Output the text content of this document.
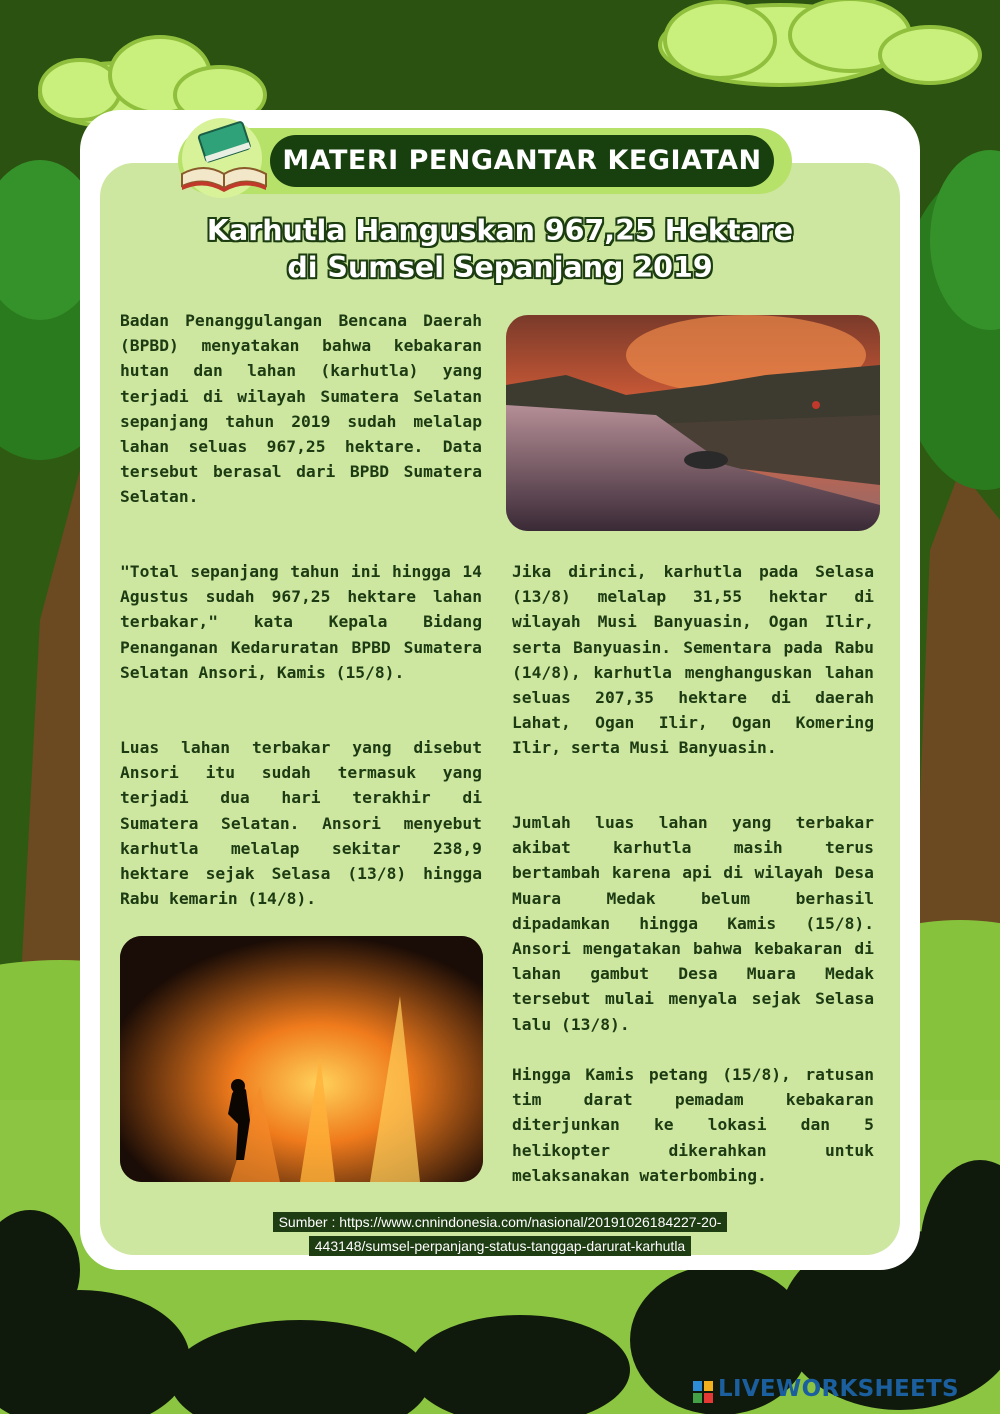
MATERI PENGANTAR KEGIATAN
Karhutla Hanguskan 967,25 Hektare
di Sumsel Sepanjang 2019
Badan Penanggulangan Bencana Daerah (BPBD) menyatakan bahwa kebakaran hutan dan lahan (karhutla) yang terjadi di wilayah Sumatera Selatan sepanjang tahun 2019 sudah melalap lahan seluas 967,25 hektare. Data tersebut berasal dari BPBD Sumatera Selatan.
"Total sepanjang tahun ini hingga 14 Agustus sudah 967,25 hektare lahan terbakar," kata Kepala Bidang Penanganan Kedaruratan BPBD Sumatera Selatan Ansori, Kamis (15/8).
Luas lahan terbakar yang disebut Ansori itu sudah termasuk yang terjadi dua hari terakhir di Sumatera Selatan. Ansori menyebut karhutla melalap sekitar 238,9 hektare sejak Selasa (13/8) hingga Rabu kemarin (14/8).
Jika dirinci, karhutla pada Selasa (13/8) melalap 31,55 hektar di wilayah Musi Banyuasin, Ogan Ilir, serta Banyuasin. Sementara pada Rabu (14/8), karhutla menghanguskan lahan seluas 207,35 hektare di daerah Lahat, Ogan Ilir, Ogan Komering Ilir, serta Musi Banyuasin.
Jumlah luas lahan yang terbakar akibat karhutla masih terus bertambah karena api di wilayah Desa Muara Medak belum berhasil dipadamkan hingga Kamis (15/8). Ansori mengatakan bahwa kebakaran di lahan gambut Desa Muara Medak tersebut mulai menyala sejak Selasa lalu (13/8).
Hingga Kamis petang (15/8), ratusan tim darat pemadam kebakaran diterjunkan ke lokasi dan 5 helikopter dikerahkan untuk melaksanakan waterbombing.
Sumber : https://www.cnnindonesia.com/nasional/20191026184227-20-
443148/sumsel-perpanjang-status-tanggap-darurat-karhutla
LIVEWORKSHEETS
